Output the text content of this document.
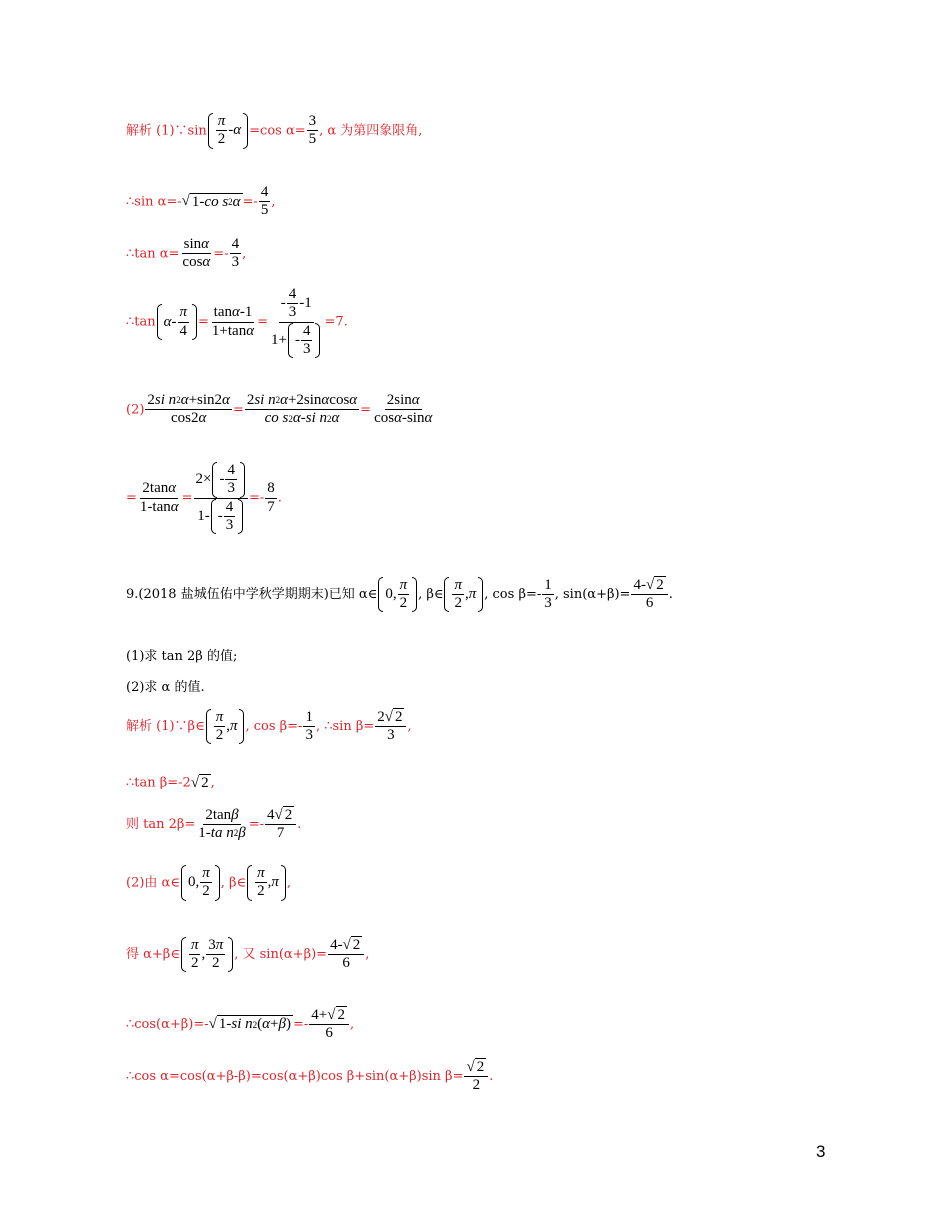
解析 (1)∵sin $\frac{\pi}{2} - \alpha =\cos$ $\alpha= \frac{3}{5}$ , α 为第四象限角,
∴sin α=- √ 1- co s 2 $\alpha =- \frac{4}{5}$ ,
∴tan $\alpha= \frac{\text{sin α}}{\text{cos α}} =- \frac{4}{3}$ ,
∴tan $\alpha - \frac{\pi}{4} = \frac{\text{tan α -1}}{\text{1+tan α}} = \frac{- \frac{4}{3} -1}{1+ - \frac{4}{3}} =7$.
$(2) \frac{\text{2 si n 2 α +sin2 α}}{\cos 2 \alpha} = \frac{\text{2 si n 2 α +2sin α cos α}}{\text{co s 2 α - si n 2 α}} = \frac{\text{2sin α}}{\text{cos α -sin α}}$
= $\frac{\text{2tan α}}{\text{1-tan α}} = \frac{2\times - \frac{4}{3}}{1- - \frac{4}{3}} =- \frac{8}{7}$ .
9.(2018 盐城伍佑中学秋学期期末)已知 α∈ 0, $\frac{\pi}{2}$ , β∈ $\frac{\pi}{2}$ , π , $\cos \beta=- \frac{1}{3}$ , $\sin(\alpha+\beta)= \frac{4- √ 2}{6}$ .
(1)求 tan 2β 的值;
(2)求 α 的值.
解析 (1)∵β∈ $\frac{\pi}{2}$ , π , $\cos \beta=- \frac{1}{3}$ , ∴sin $\beta= \frac{2 √ 2}{3}$ ,
∴tan β=-2 √ 2 ,
则 $\tan 2\beta= \frac{\text{2tan β}}{\text{1- ta n 2 β}} =- \frac{4 √ 2}{7}$ .
(2)由 α∈ 0, $\frac{\pi}{2}$ , β∈ $\frac{\pi}{2}$ , π ,
得 α+β∈ $\frac{\pi}{2}$ , $\frac{3 \pi}{2}$ , 又 $\sin(\alpha+\beta)= \frac{4- √ 2}{6}$ ,
∴cos(α+β)=- √ 1- si n 2 ( α + β ) =- $\frac{4+ √ 2}{6}$ ,
∴cos α=cos(α+β-β)=cos(α+β)cos β+sin(α+β)sin $\beta= \frac{√ 2}{2}$ .
3
